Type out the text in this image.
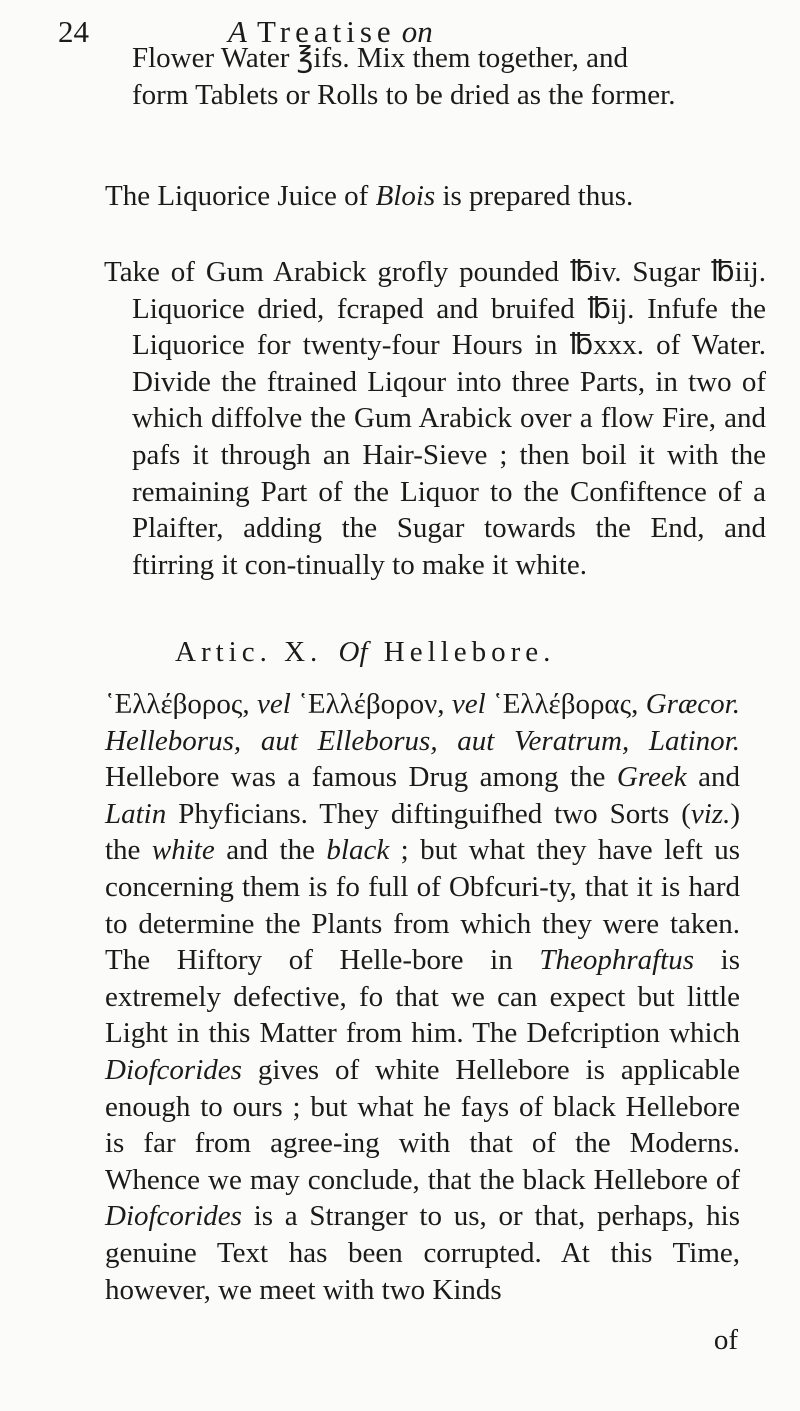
24	A Treatise on

Flower Water ℥ifs. Mix them together, and
form Tablets or Rolls to be dried as the former.

The Liquorice Juice of Blois is prepared thus.

Take of Gum Arabick grofly pounded ℔iv. Sugar ℔iij. Liquorice dried, fcraped and bruifed ℔ij. Infufe the Liquorice for twenty-four Hours in ℔xxx. of Water. Divide the ftrained Liqour into three Parts, in two of which diffolve the Gum Arabick over a flow Fire, and pafs it through an Hair-Sieve ; then boil it with the remaining Part of the Liquor to the Confiftence of a Plaifter, adding the Sugar towards the End, and ftirring it con-tinually to make it white.

Artic. X. Of Hellebore.

῾Ελλέβορος, vel ῾Ελλέβορον, vel ῾Ελλέβορας, Græcor. Helleborus, aut Elleborus, aut Veratrum, Latinor. Hellebore was a famous Drug among the Greek and Latin Phyficians. They diftinguifhed two Sorts (viz.) the white and the black ; but what they have left us concerning them is fo full of Obfcuri-ty, that it is hard to determine the Plants from which they were taken. The Hiftory of Helle-bore in Theophraftus is extremely defective, fo that we can expect but little Light in this Matter from him. The Defcription which Diofcorides gives of white Hellebore is applicable enough to ours ; but what he fays of black Hellebore is far from agree-ing with that of the Moderns. Whence we may conclude, that the black Hellebore of Diofcorides is a Stranger to us, or that, perhaps, his genuine Text has been corrupted. At this Time, however, we meet with two Kinds

of
